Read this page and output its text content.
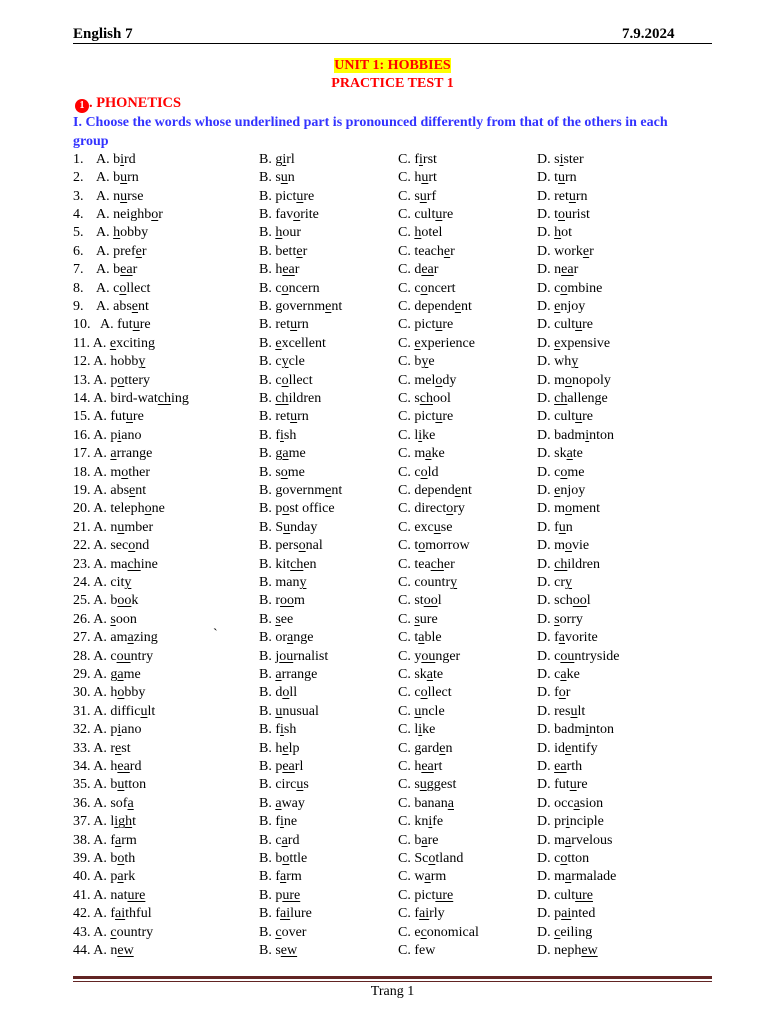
English 7	7.9.2024
UNIT 1: HOBBIES
PRACTICE TEST 1
1 . PHONETICS
I. Choose the words whose underlined part is pronounced differently from that of the others in each group
1. A. bird	B. girl	C. first	D. sister
2. A. burn	B. sun	C. hurt	D. turn
3. A. nurse	B. picture	C. surf	D. return
4. A. neighbor	B. favorite	C. culture	D. tourist
5. A. hobby	B. hour	C. hotel	D. hot
6. A. prefer	B. better	C. teacher	D. worker
7. A. bear	B. hear	C. dear	D. near
8. A. collect	B. concern	C. concert	D. combine
9. A. absent	B. government	C. dependent	D. enjoy
10. A. future	B. return	C. picture	D. culture
11. A. exciting	B. excellent	C. experience	D. expensive
12. A. hobby	B. cycle	C. bye	D. why
13. A. pottery	B. collect	C. melody	D. monopoly
14. A. bird-watching	B. children	C. school	D. challenge
15. A. future	B. return	C. picture	D. culture
16. A. piano	B. fish	C. like	D. badminton
17. A. arrange	B. game	C. make	D. skate
18. A. mother	B. some	C. cold	D. come
19. A. absent	B. government	C. dependent	D. enjoy
20. A. telephone	B. post office	C. directory	D. moment
21. A. number	B. Sunday	C. excuse	D. fun
22. A. second	B. personal	C. tomorrow	D. movie
23. A. machine	B. kitchen	C. teacher	D. children
24. A. city	B. many	C. country	D. cry
25. A. book	B. room	C. stool	D. school
26. A. soon	B. see	C. sure	D. sorry
27. A. amazing	B. orange	C. table	D. favorite
`
28. A. country	B. journalist	C. younger	D. countryside
29. A. game	B. arrange	C. skate	D. cake
30. A. hobby	B. doll	C. collect	D. for
31. A. difficult	B. unusual	C. uncle	D. result
32. A. piano	B. fish	C. like	D. badminton
33. A. rest	B. help	C. garden	D. identify
34. A. heard	B. pearl	C. heart	D. earth
35. A. button	B. circus	C. suggest	D. future
36. A. sofa	B. away	C. banana	D. occasion
37. A. light	B. fine	C. knife	D. principle
38. A. farm	B. card	C. bare	D. marvelous
39. A. both	B. bottle	C. Scotland	D. cotton
40. A. park	B. farm	C. warm	D. marmalade
41. A. nature	B. pure	C. picture	D. culture
42. A. faithful	B. failure	C. fairly	D. painted
43. A. country	B. cover	C. economical	D. ceiling
44. A. new	B. sew	C. few	D. nephew
Trang 1
